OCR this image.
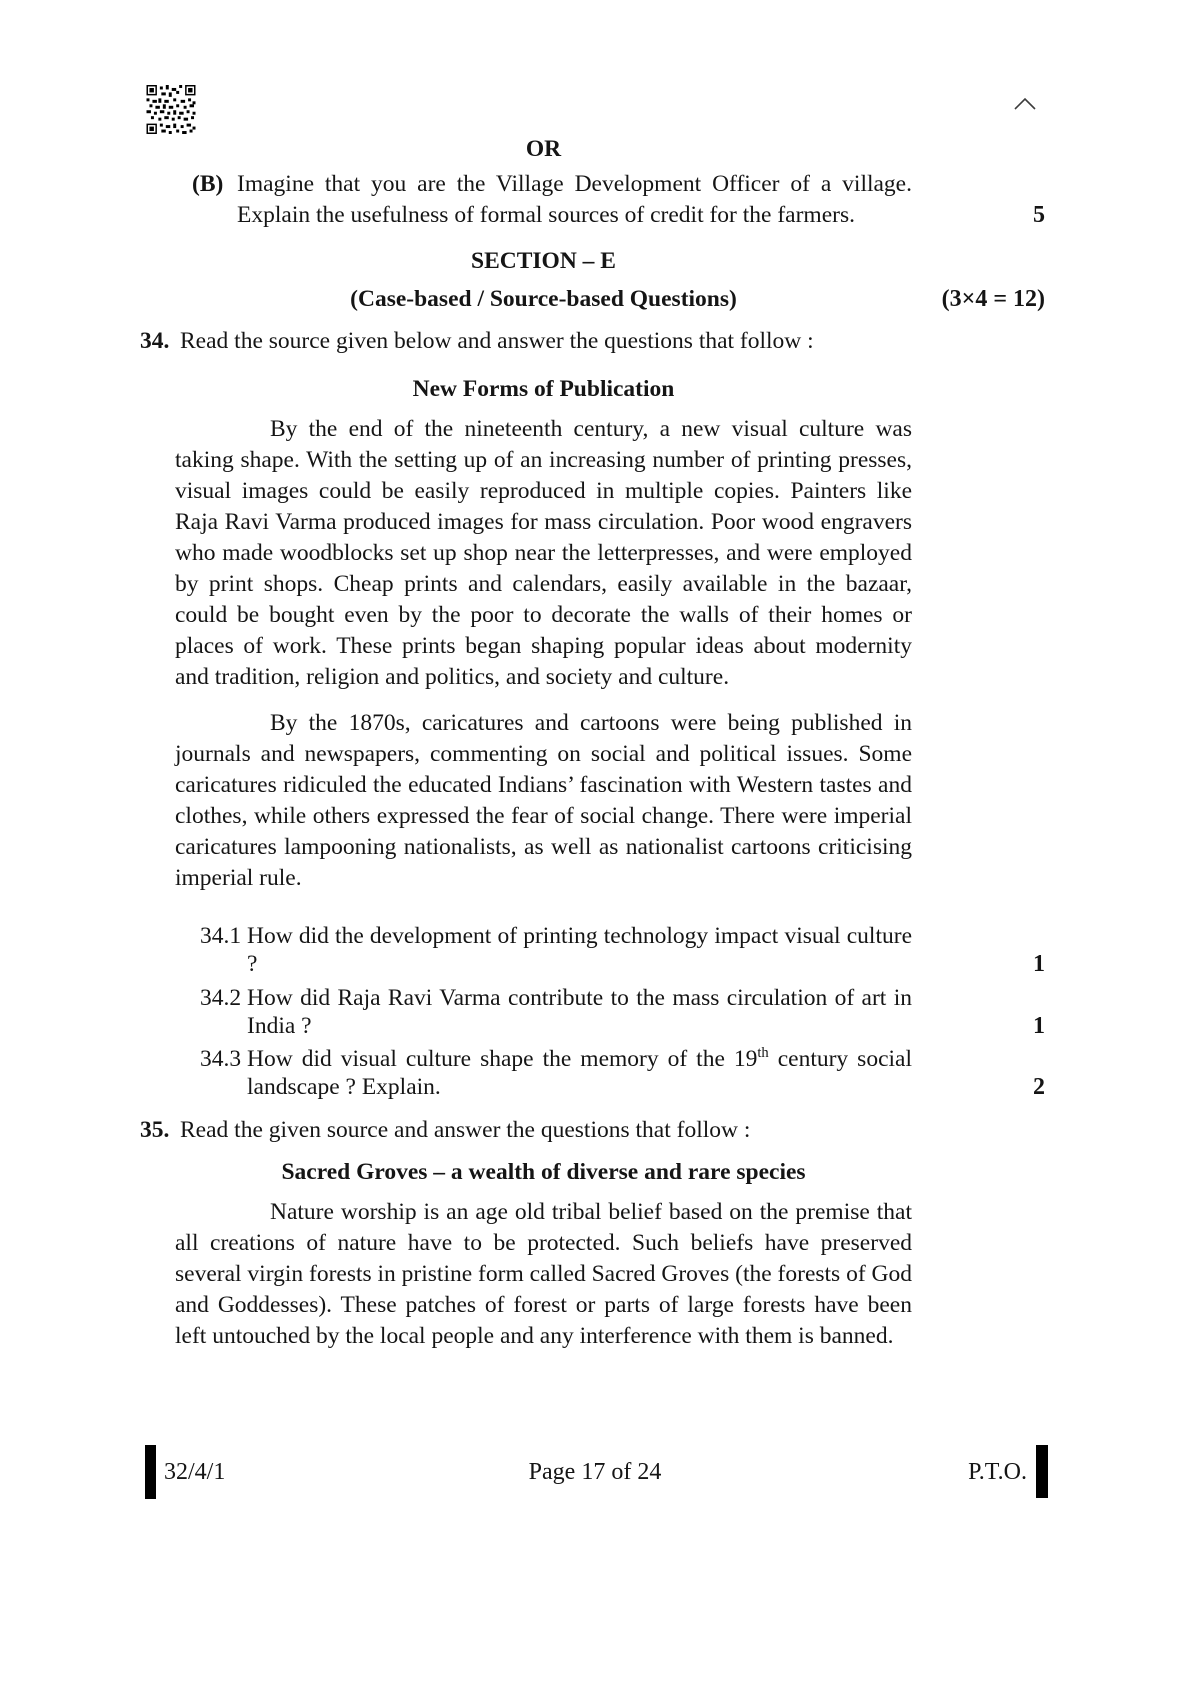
OR
(B) Imagine that you are the Village Development Officer of a village. Explain the usefulness of formal sources of credit for the farmers.	5
SECTION – E
(Case-based / Source-based Questions)	(3×4 = 12)
34. Read the source given below and answer the questions that follow :
New Forms of Publication

By the end of the nineteenth century, a new visual culture was taking shape. With the setting up of an increasing number of printing presses, visual images could be easily reproduced in multiple copies. Painters like Raja Ravi Varma produced images for mass circulation. Poor wood engravers who made woodblocks set up shop near the letterpresses, and were employed by print shops. Cheap prints and calendars, easily available in the bazaar, could be bought even by the poor to decorate the walls of their homes or places of work. These prints began shaping popular ideas about modernity and tradition, religion and politics, and society and culture.

By the 1870s, caricatures and cartoons were being published in journals and newspapers, commenting on social and political issues. Some caricatures ridiculed the educated Indians’ fascination with Western tastes and clothes, while others expressed the fear of social change. There were imperial caricatures lampooning nationalists, as well as nationalist cartoons criticising imperial rule.

34.1 How did the development of printing technology impact visual culture ?	1
34.2 How did Raja Ravi Varma contribute to the mass circulation of art in India ?	1
34.3 How did visual culture shape the memory of the 19th century social landscape ? Explain.	2
35. Read the given source and answer the questions that follow :
Sacred Groves – a wealth of diverse and rare species

Nature worship is an age old tribal belief based on the premise that all creations of nature have to be protected. Such beliefs have preserved several virgin forests in pristine form called Sacred Groves (the forests of God and Goddesses). These patches of forest or parts of large forests have been left untouched by the local people and any interference with them is banned.

32/4/1	Page 17 of 24	P.T.O.
